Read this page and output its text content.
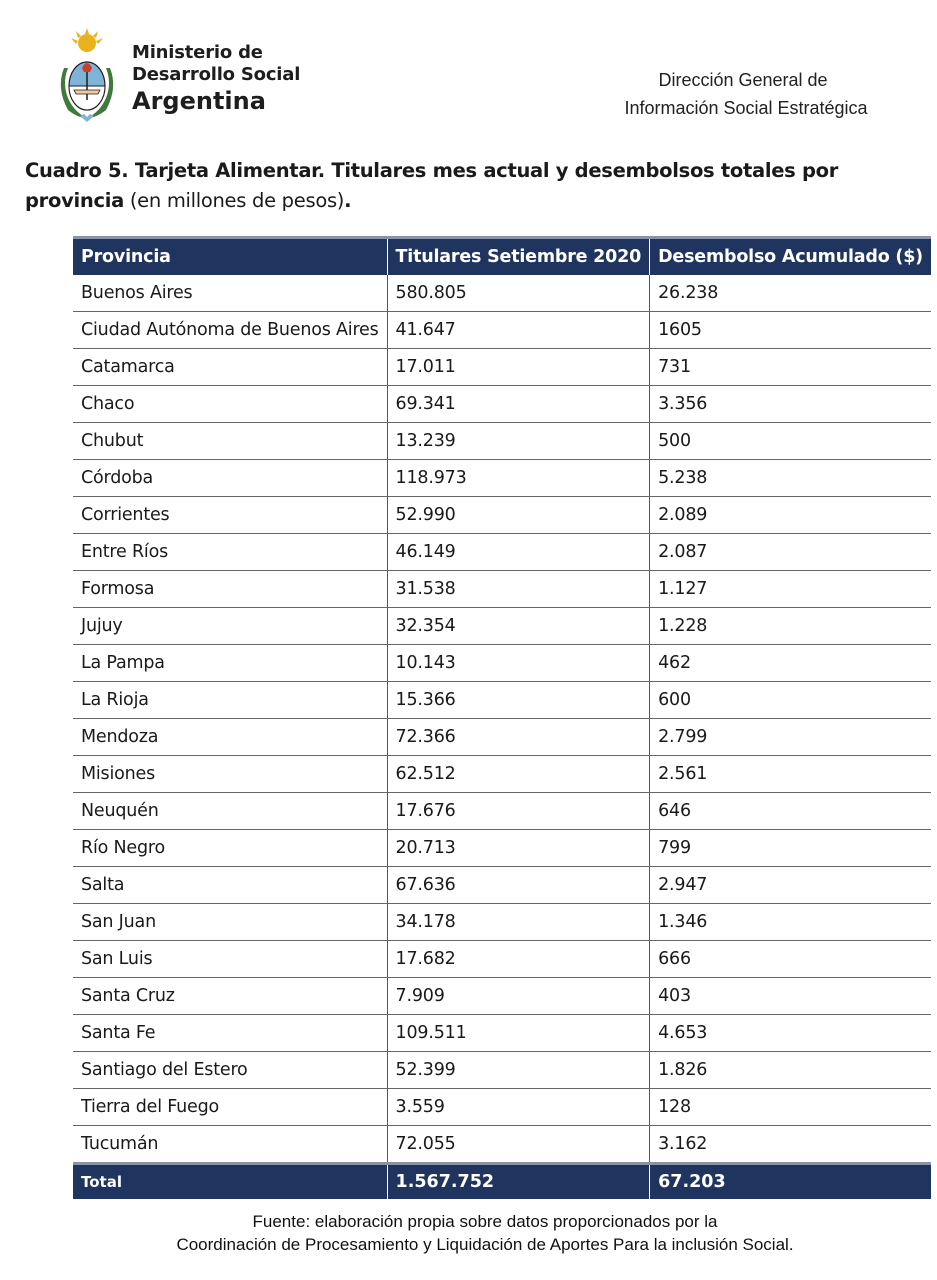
Ministerio de
Desarrollo Social
Argentina
Dirección General de
Información Social Estratégica
Cuadro 5. Tarjeta Alimentar. Titulares mes actual y desembolsos totales por provincia (en millones de pesos).
Provincia	Titulares Setiembre 2020	Desembolso Acumulado ($)
Buenos Aires	580.805	26.238
Ciudad Autónoma de Buenos Aires	41.647	1605
Catamarca	17.011	731
Chaco	69.341	3.356
Chubut	13.239	500
Córdoba	118.973	5.238
Corrientes	52.990	2.089
Entre Ríos	46.149	2.087
Formosa	31.538	1.127
Jujuy	32.354	1.228
La Pampa	10.143	462
La Rioja	15.366	600
Mendoza	72.366	2.799
Misiones	62.512	2.561
Neuquén	17.676	646
Río Negro	20.713	799
Salta	67.636	2.947
San Juan	34.178	1.346
San Luis	17.682	666
Santa Cruz	7.909	403
Santa Fe	109.511	4.653
Santiago del Estero	52.399	1.826
Tierra del Fuego	3.559	128
Tucumán	72.055	3.162
Total	1.567.752	67.203
Fuente: elaboración propia sobre datos proporcionados por la
Coordinación de Procesamiento y Liquidación de Aportes Para la inclusión Social.
